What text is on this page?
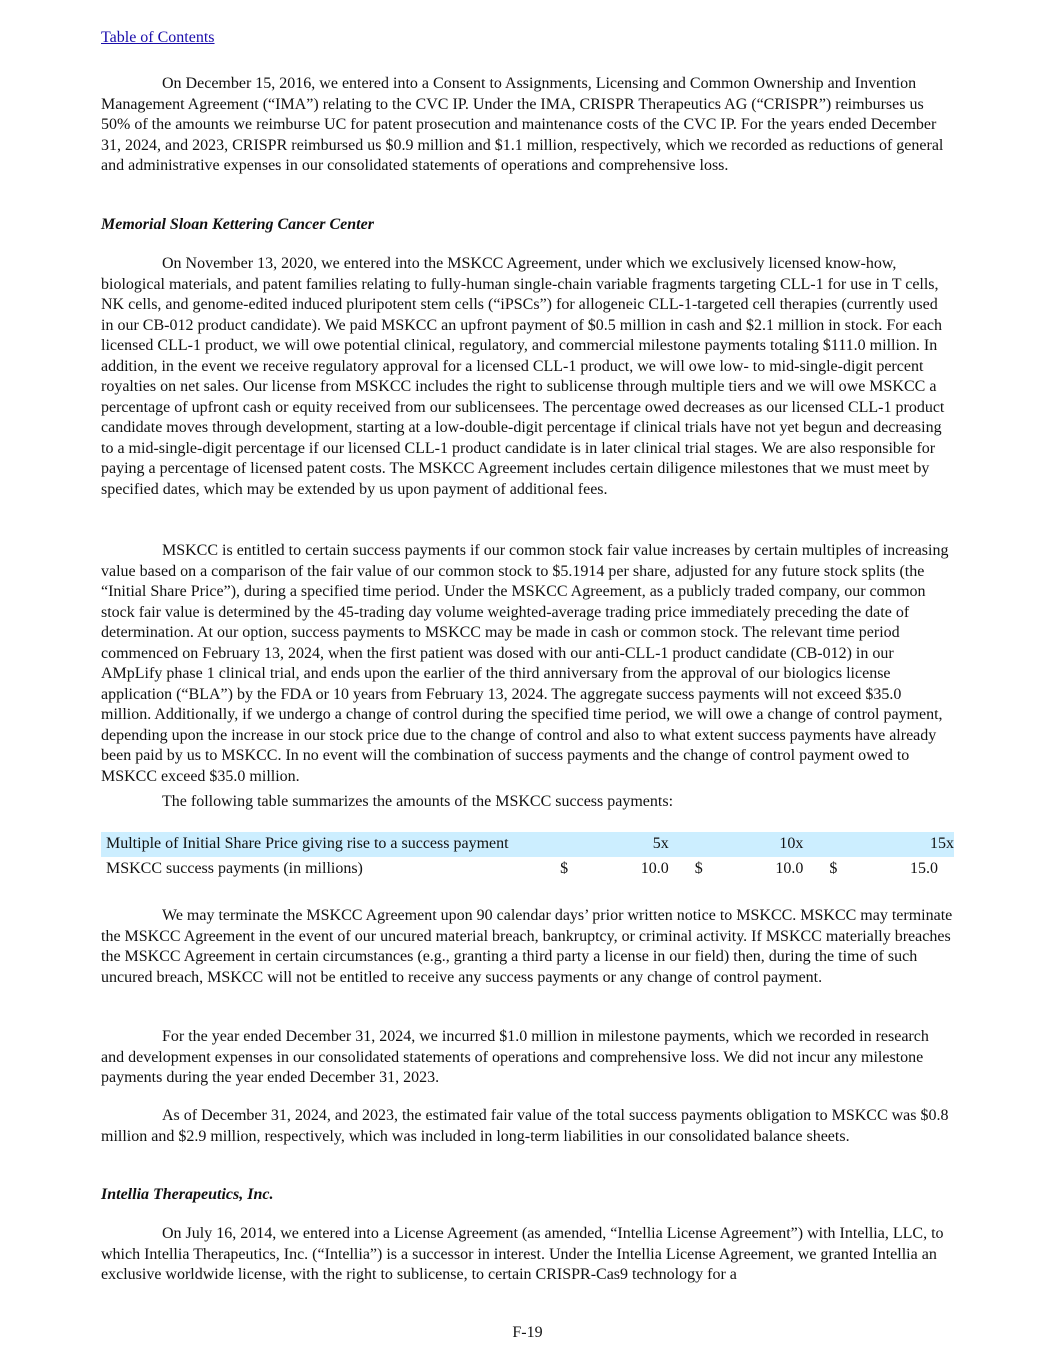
Table of Contents

On December 15, 2016, we entered into a Consent to Assignments, Licensing and Common Ownership and Invention Management Agreement (“IMA”) relating to the CVC IP. Under the IMA, CRISPR Therapeutics AG (“CRISPR”) reimburses us 50% of the amounts we reimburse UC for patent prosecution and maintenance costs of the CVC IP. For the years ended December 31, 2024, and 2023, CRISPR reimbursed us $0.9 million and $1.1 million, respectively, which we recorded as reductions of general and administrative expenses in our consolidated statements of operations and comprehensive loss.

Memorial Sloan Kettering Cancer Center

On November 13, 2020, we entered into the MSKCC Agreement, under which we exclusively licensed know-how, biological materials, and patent families relating to fully-human single-chain variable fragments targeting CLL-1 for use in T cells, NK cells, and genome-edited induced pluripotent stem cells (“iPSCs”) for allogeneic CLL-1-targeted cell therapies (currently used in our CB-012 product candidate). We paid MSKCC an upfront payment of $0.5 million in cash and $2.1 million in stock. For each licensed CLL-1 product, we will owe potential clinical, regulatory, and commercial milestone payments totaling $111.0 million. In addition, in the event we receive regulatory approval for a licensed CLL-1 product, we will owe low- to mid-single-digit percent royalties on net sales. Our license from MSKCC includes the right to sublicense through multiple tiers and we will owe MSKCC a percentage of upfront cash or equity received from our sublicensees. The percentage owed decreases as our licensed CLL-1 product candidate moves through development, starting at a low-double-digit percentage if clinical trials have not yet begun and decreasing to a mid-single-digit percentage if our licensed CLL-1 product candidate is in later clinical trial stages. We are also responsible for paying a percentage of licensed patent costs. The MSKCC Agreement includes certain diligence milestones that we must meet by specified dates, which may be extended by us upon payment of additional fees.

MSKCC is entitled to certain success payments if our common stock fair value increases by certain multiples of increasing value based on a comparison of the fair value of our common stock to $5.1914 per share, adjusted for any future stock splits (the “Initial Share Price”), during a specified time period. Under the MSKCC Agreement, as a publicly traded company, our common stock fair value is determined by the 45-trading day volume weighted-average trading price immediately preceding the date of determination. At our option, success payments to MSKCC may be made in cash or common stock. The relevant time period commenced on February 13, 2024, when the first patient was dosed with our anti-CLL-1 product candidate (CB-012) in our AMpLify phase 1 clinical trial, and ends upon the earlier of the third anniversary from the approval of our biologics license application (“BLA”) by the FDA or 10 years from February 13, 2024. The aggregate success payments will not exceed $35.0 million. Additionally, if we undergo a change of control during the specified time period, we will owe a change of control payment, depending upon the increase in our stock price due to the change of control and also to what extent success payments have already been paid by us to MSKCC. In no event will the combination of success payments and the change of control payment owed to MSKCC exceed $35.0 million.

The following table summarizes the amounts of the MSKCC success payments:

Multiple of Initial Share Price giving rise to a success payment		5x		10x		15x
MSKCC success payments (in millions)	$	10.0	$	10.0	$	15.0

We may terminate the MSKCC Agreement upon 90 calendar days’ prior written notice to MSKCC. MSKCC may terminate the MSKCC Agreement in the event of our uncured material breach, bankruptcy, or criminal activity. If MSKCC materially breaches the MSKCC Agreement in certain circumstances (e.g., granting a third party a license in our field) then, during the time of such uncured breach, MSKCC will not be entitled to receive any success payments or any change of control payment.

For the year ended December 31, 2024, we incurred $1.0 million in milestone payments, which we recorded in research and development expenses in our consolidated statements of operations and comprehensive loss. We did not incur any milestone payments during the year ended December 31, 2023.

As of December 31, 2024, and 2023, the estimated fair value of the total success payments obligation to MSKCC was $0.8 million and $2.9 million, respectively, which was included in long-term liabilities in our consolidated balance sheets.

Intellia Therapeutics, Inc.

On July 16, 2014, we entered into a License Agreement (as amended, “Intellia License Agreement”) with Intellia, LLC, to which Intellia Therapeutics, Inc. (“Intellia”) is a successor in interest. Under the Intellia License Agreement, we granted Intellia an exclusive worldwide license, with the right to sublicense, to certain CRISPR-Cas9 technology for a

F-19
